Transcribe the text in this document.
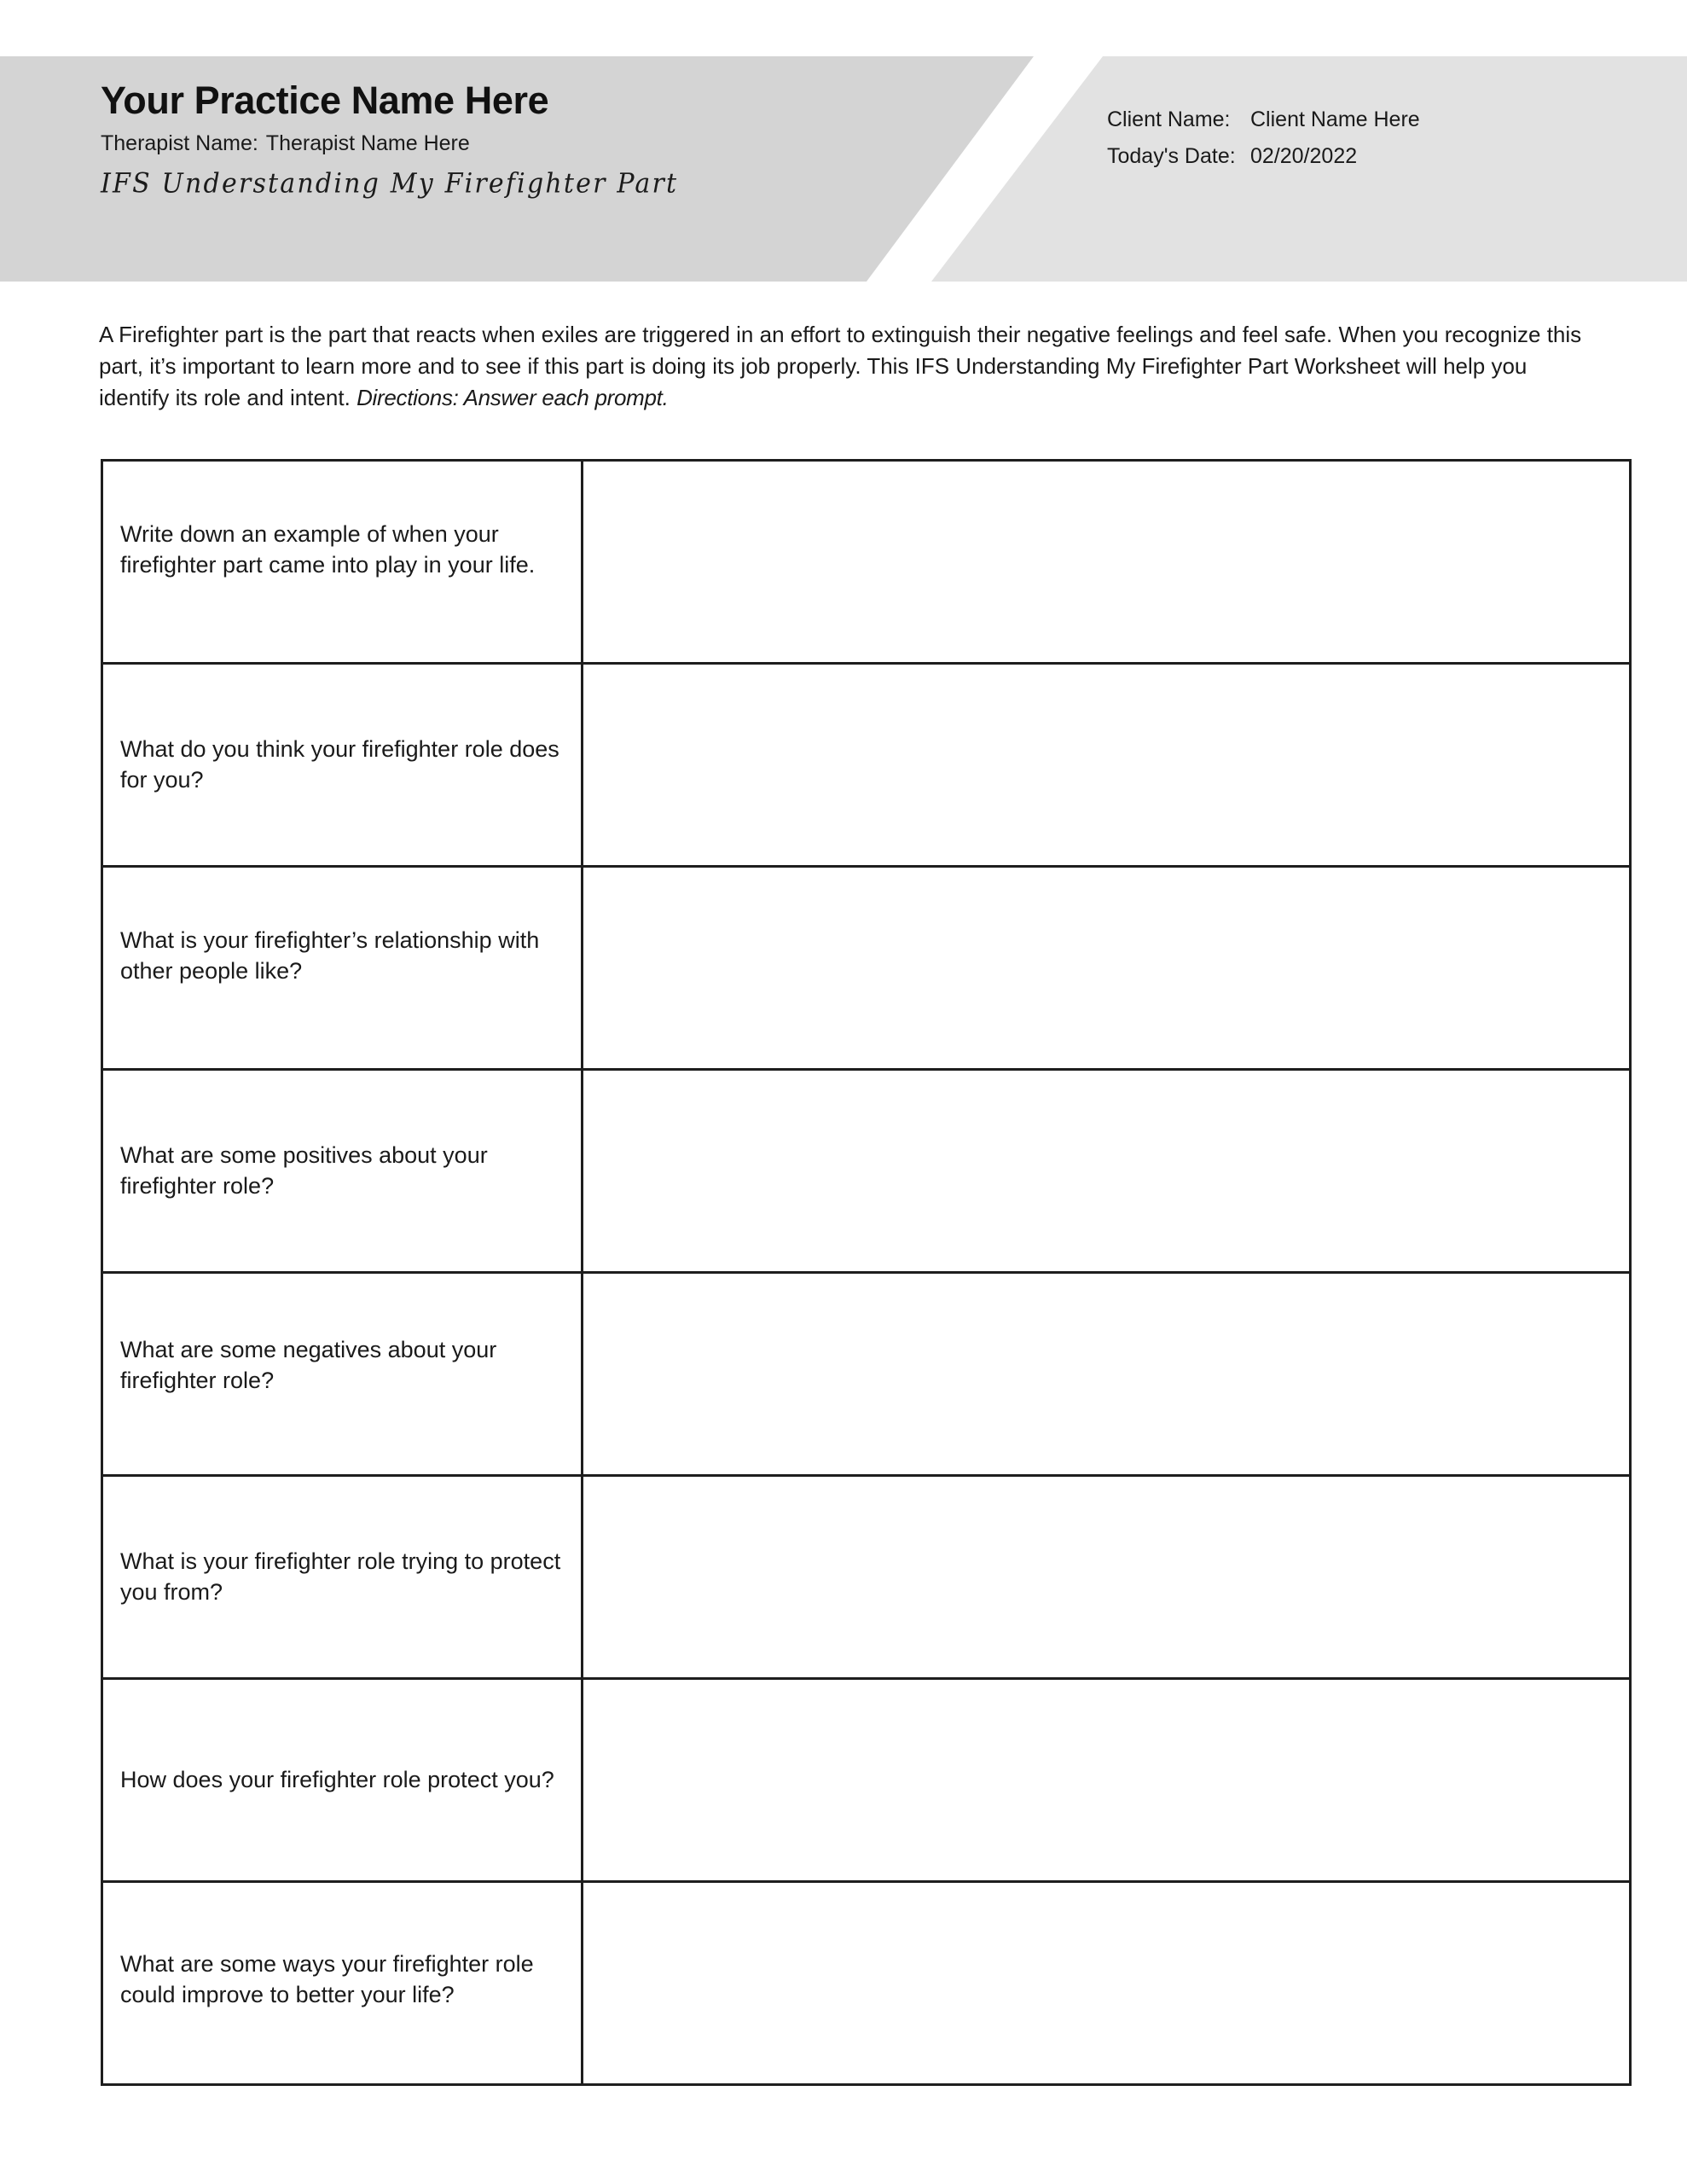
Your Practice Name Here
Therapist Name: Therapist Name Here
IFS Understanding My Firefighter Part
Client Name: Client Name Here
Today's Date: 02/20/2022
A Firefighter part is the part that reacts when exiles are triggered in an effort to extinguish their negative feelings and feel safe. When you recognize this part, it’s important to learn more and to see if this part is doing its job properly. This IFS Understanding My Firefighter Part Worksheet will help you identify its role and intent. Directions: Answer each prompt.
Write down an example of when your firefighter part came into play in your life.	

What do you think your firefighter role does for you?	

What is your firefighter’s relationship with other people like?	

What are some positives about your firefighter role?	

What are some negatives about your firefighter role?	

What is your firefighter role trying to protect you from?	

How does your firefighter role protect you?	

What are some ways your firefighter role could improve to better your life?	
